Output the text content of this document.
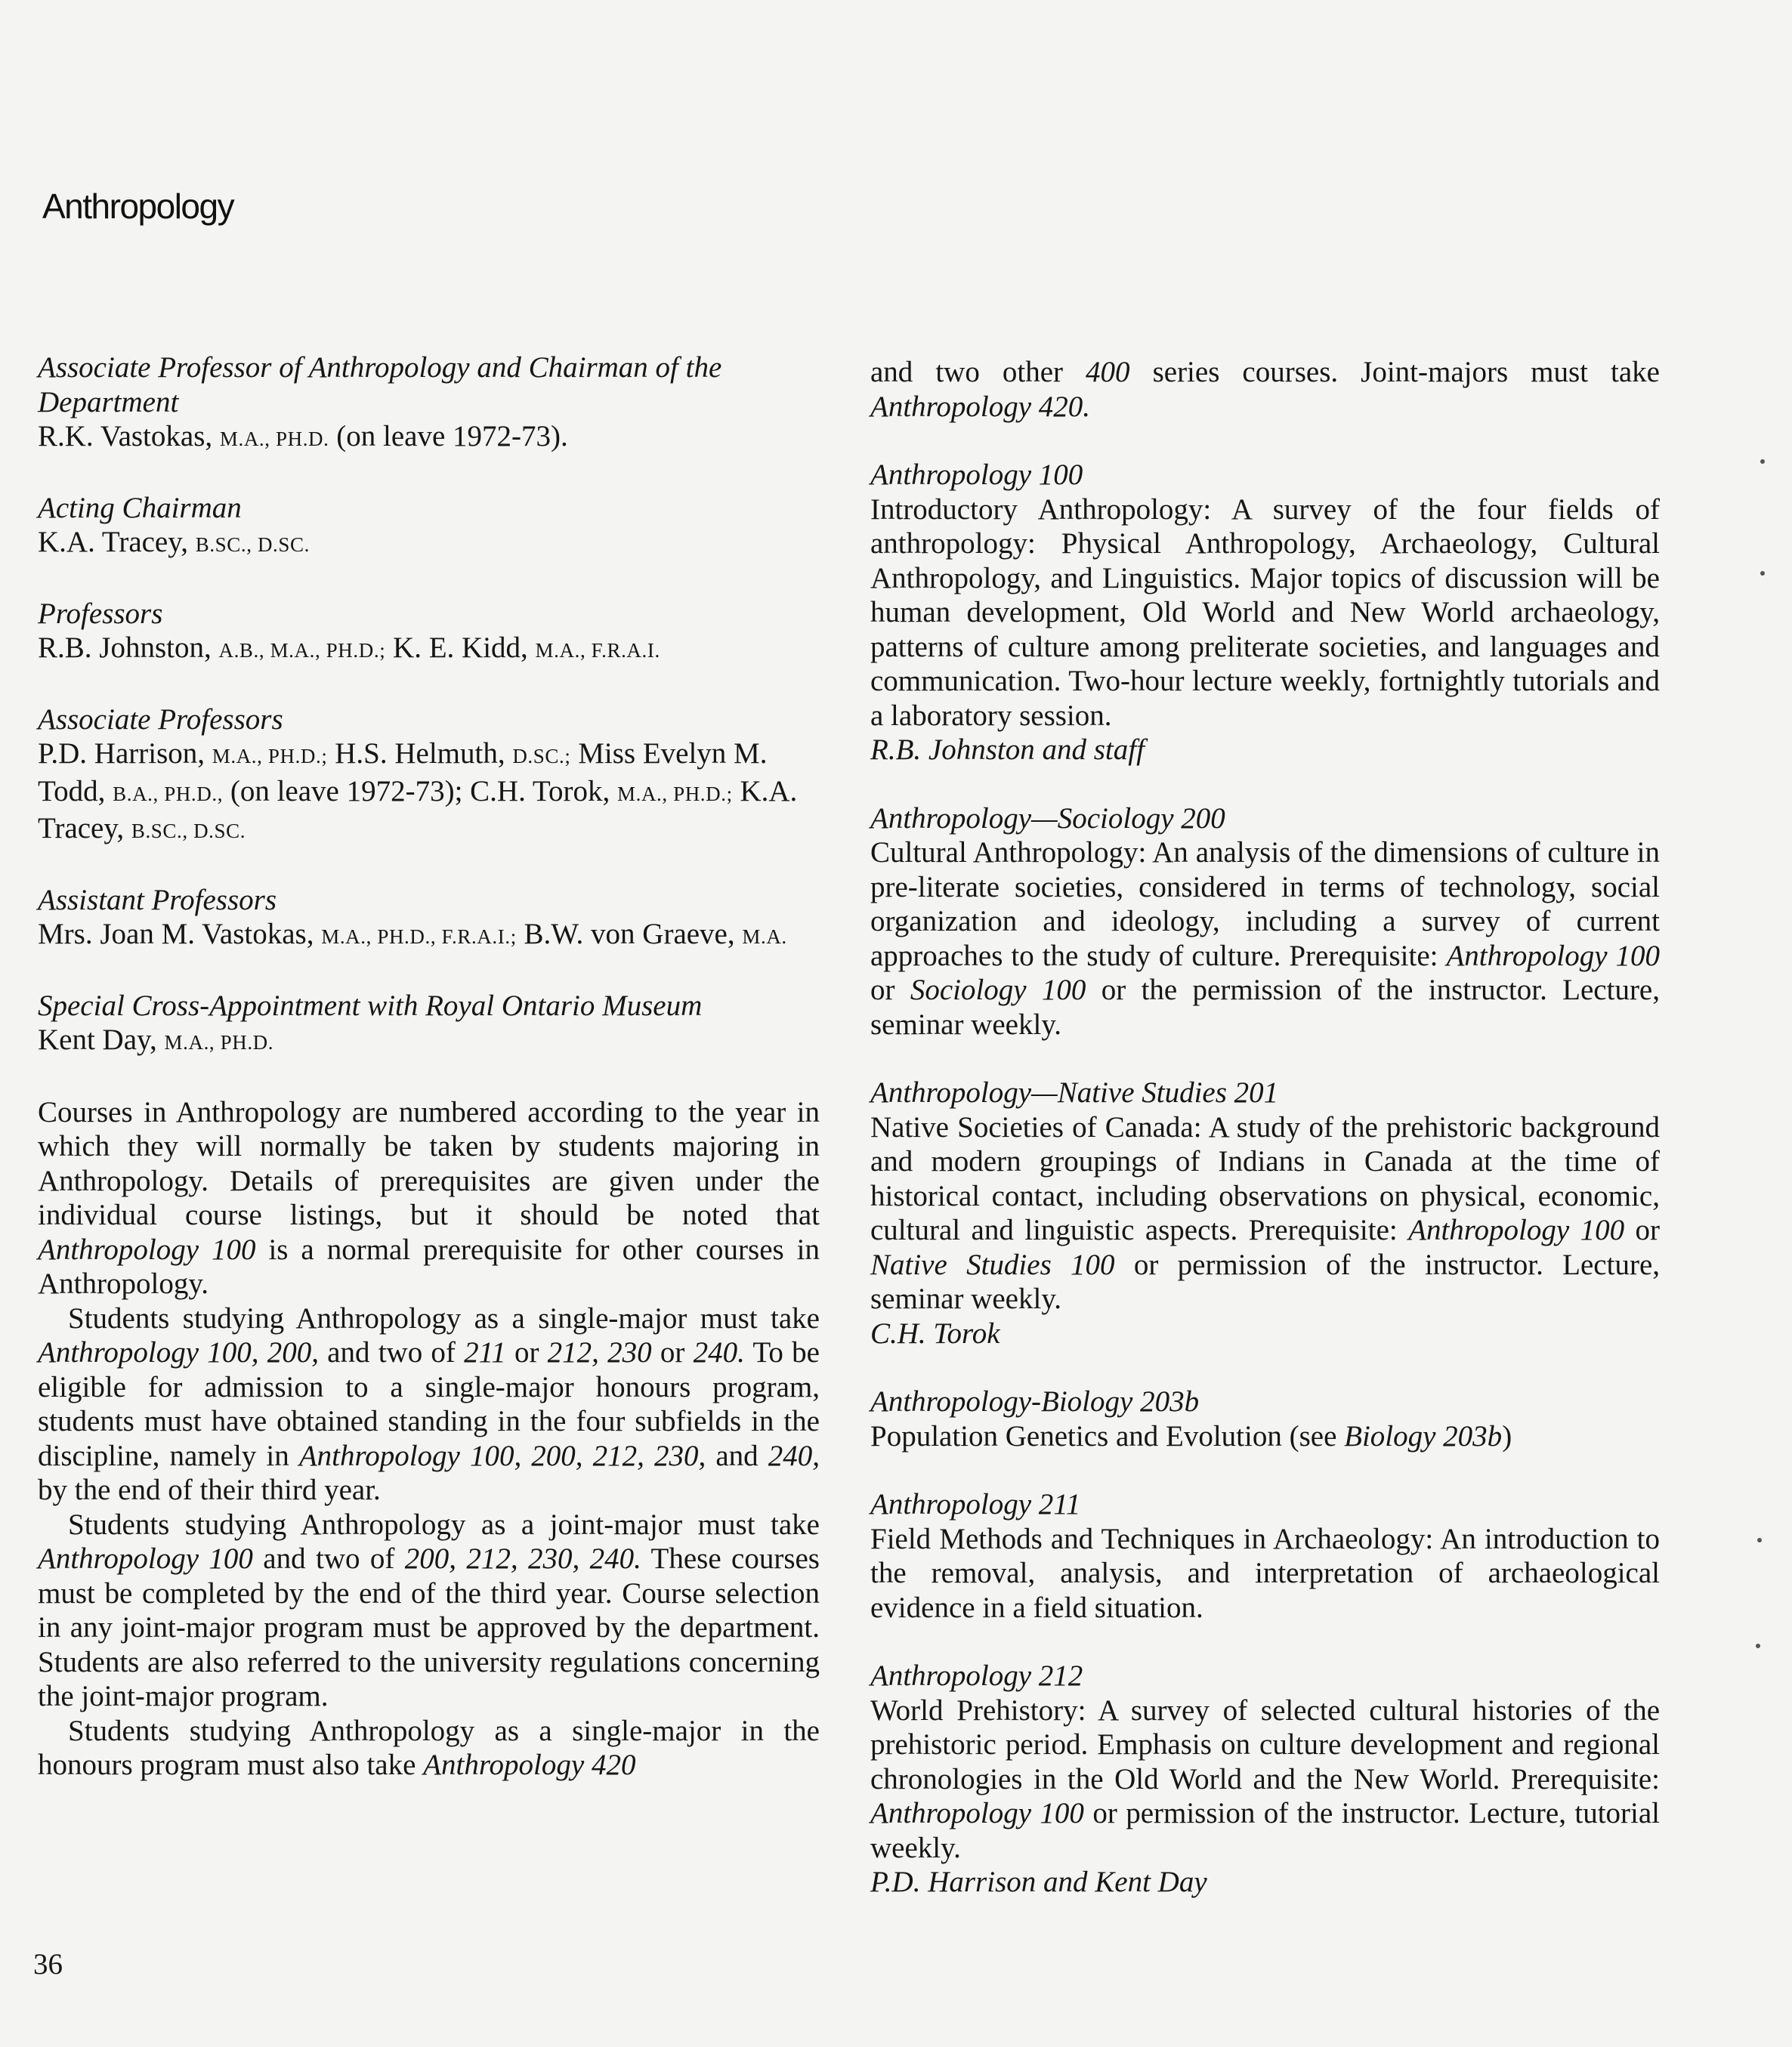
Anthropology
Associate Professor of Anthropology and Chairman of the Department
R.K. Vastokas, M.A., PH.D. (on leave 1972-73).
Acting Chairman
K.A. Tracey, B.SC., D.SC.
Professors
R.B. Johnston, A.B., M.A., PH.D.; K. E. Kidd, M.A., F.R.A.I.
Associate Professors
P.D. Harrison, M.A., PH.D.; H.S. Helmuth, D.SC.; Miss Evelyn M. Todd, B.A., PH.D., (on leave 1972-73); C.H. Torok, M.A., PH.D.; K.A. Tracey, B.SC., D.SC.
Assistant Professors
Mrs. Joan M. Vastokas, M.A., PH.D., F.R.A.I.; B.W. von Graeve, M.A.
Special Cross-Appointment with Royal Ontario Museum
Kent Day, M.A., PH.D.
Courses in Anthropology are numbered according to the year in which they will normally be taken by students majoring in Anthropology. Details of prerequisites are given under the individual course listings, but it should be noted that Anthropology 100 is a normal prerequisite for other courses in Anthropology.
Students studying Anthropology as a single-major must take Anthropology 100, 200, and two of 211 or 212, 230 or 240. To be eligible for admission to a single-major honours program, students must have obtained standing in the four subfields in the discipline, namely in Anthropology 100, 200, 212, 230, and 240, by the end of their third year.
Students studying Anthropology as a joint-major must take Anthropology 100 and two of 200, 212, 230, 240. These courses must be completed by the end of the third year. Course selection in any joint-major program must be approved by the department. Students are also referred to the university regulations concerning the joint-major program.
Students studying Anthropology as a single-major in the honours program must also take Anthropology 420
and two other 400 series courses. Joint-majors must take Anthropology 420.
Anthropology 100
Introductory Anthropology: A survey of the four fields of anthropology: Physical Anthropology, Archaeology, Cultural Anthropology, and Linguistics. Major topics of discussion will be human development, Old World and New World archaeology, patterns of culture among preliterate societies, and languages and communication. Two-hour lecture weekly, fortnightly tutorials and a laboratory session.
R.B. Johnston and staff
Anthropology—Sociology 200
Cultural Anthropology: An analysis of the dimensions of culture in pre-literate societies, considered in terms of technology, social organization and ideology, including a survey of current approaches to the study of culture. Prerequisite: Anthropology 100 or Sociology 100 or the permission of the instructor. Lecture, seminar weekly.
Anthropology—Native Studies 201
Native Societies of Canada: A study of the prehistoric background and modern groupings of Indians in Canada at the time of historical contact, including observations on physical, economic, cultural and linguistic aspects. Prerequisite: Anthropology 100 or Native Studies 100 or permission of the instructor. Lecture, seminar weekly.
C.H. Torok
Anthropology-Biology 203b
Population Genetics and Evolution (see Biology 203b)
Anthropology 211
Field Methods and Techniques in Archaeology: An introduction to the removal, analysis, and interpretation of archaeological evidence in a field situation.
Anthropology 212
World Prehistory: A survey of selected cultural histories of the prehistoric period. Emphasis on culture development and regional chronologies in the Old World and the New World. Prerequisite: Anthropology 100 or permission of the instructor. Lecture, tutorial weekly.
P.D. Harrison and Kent Day
36
